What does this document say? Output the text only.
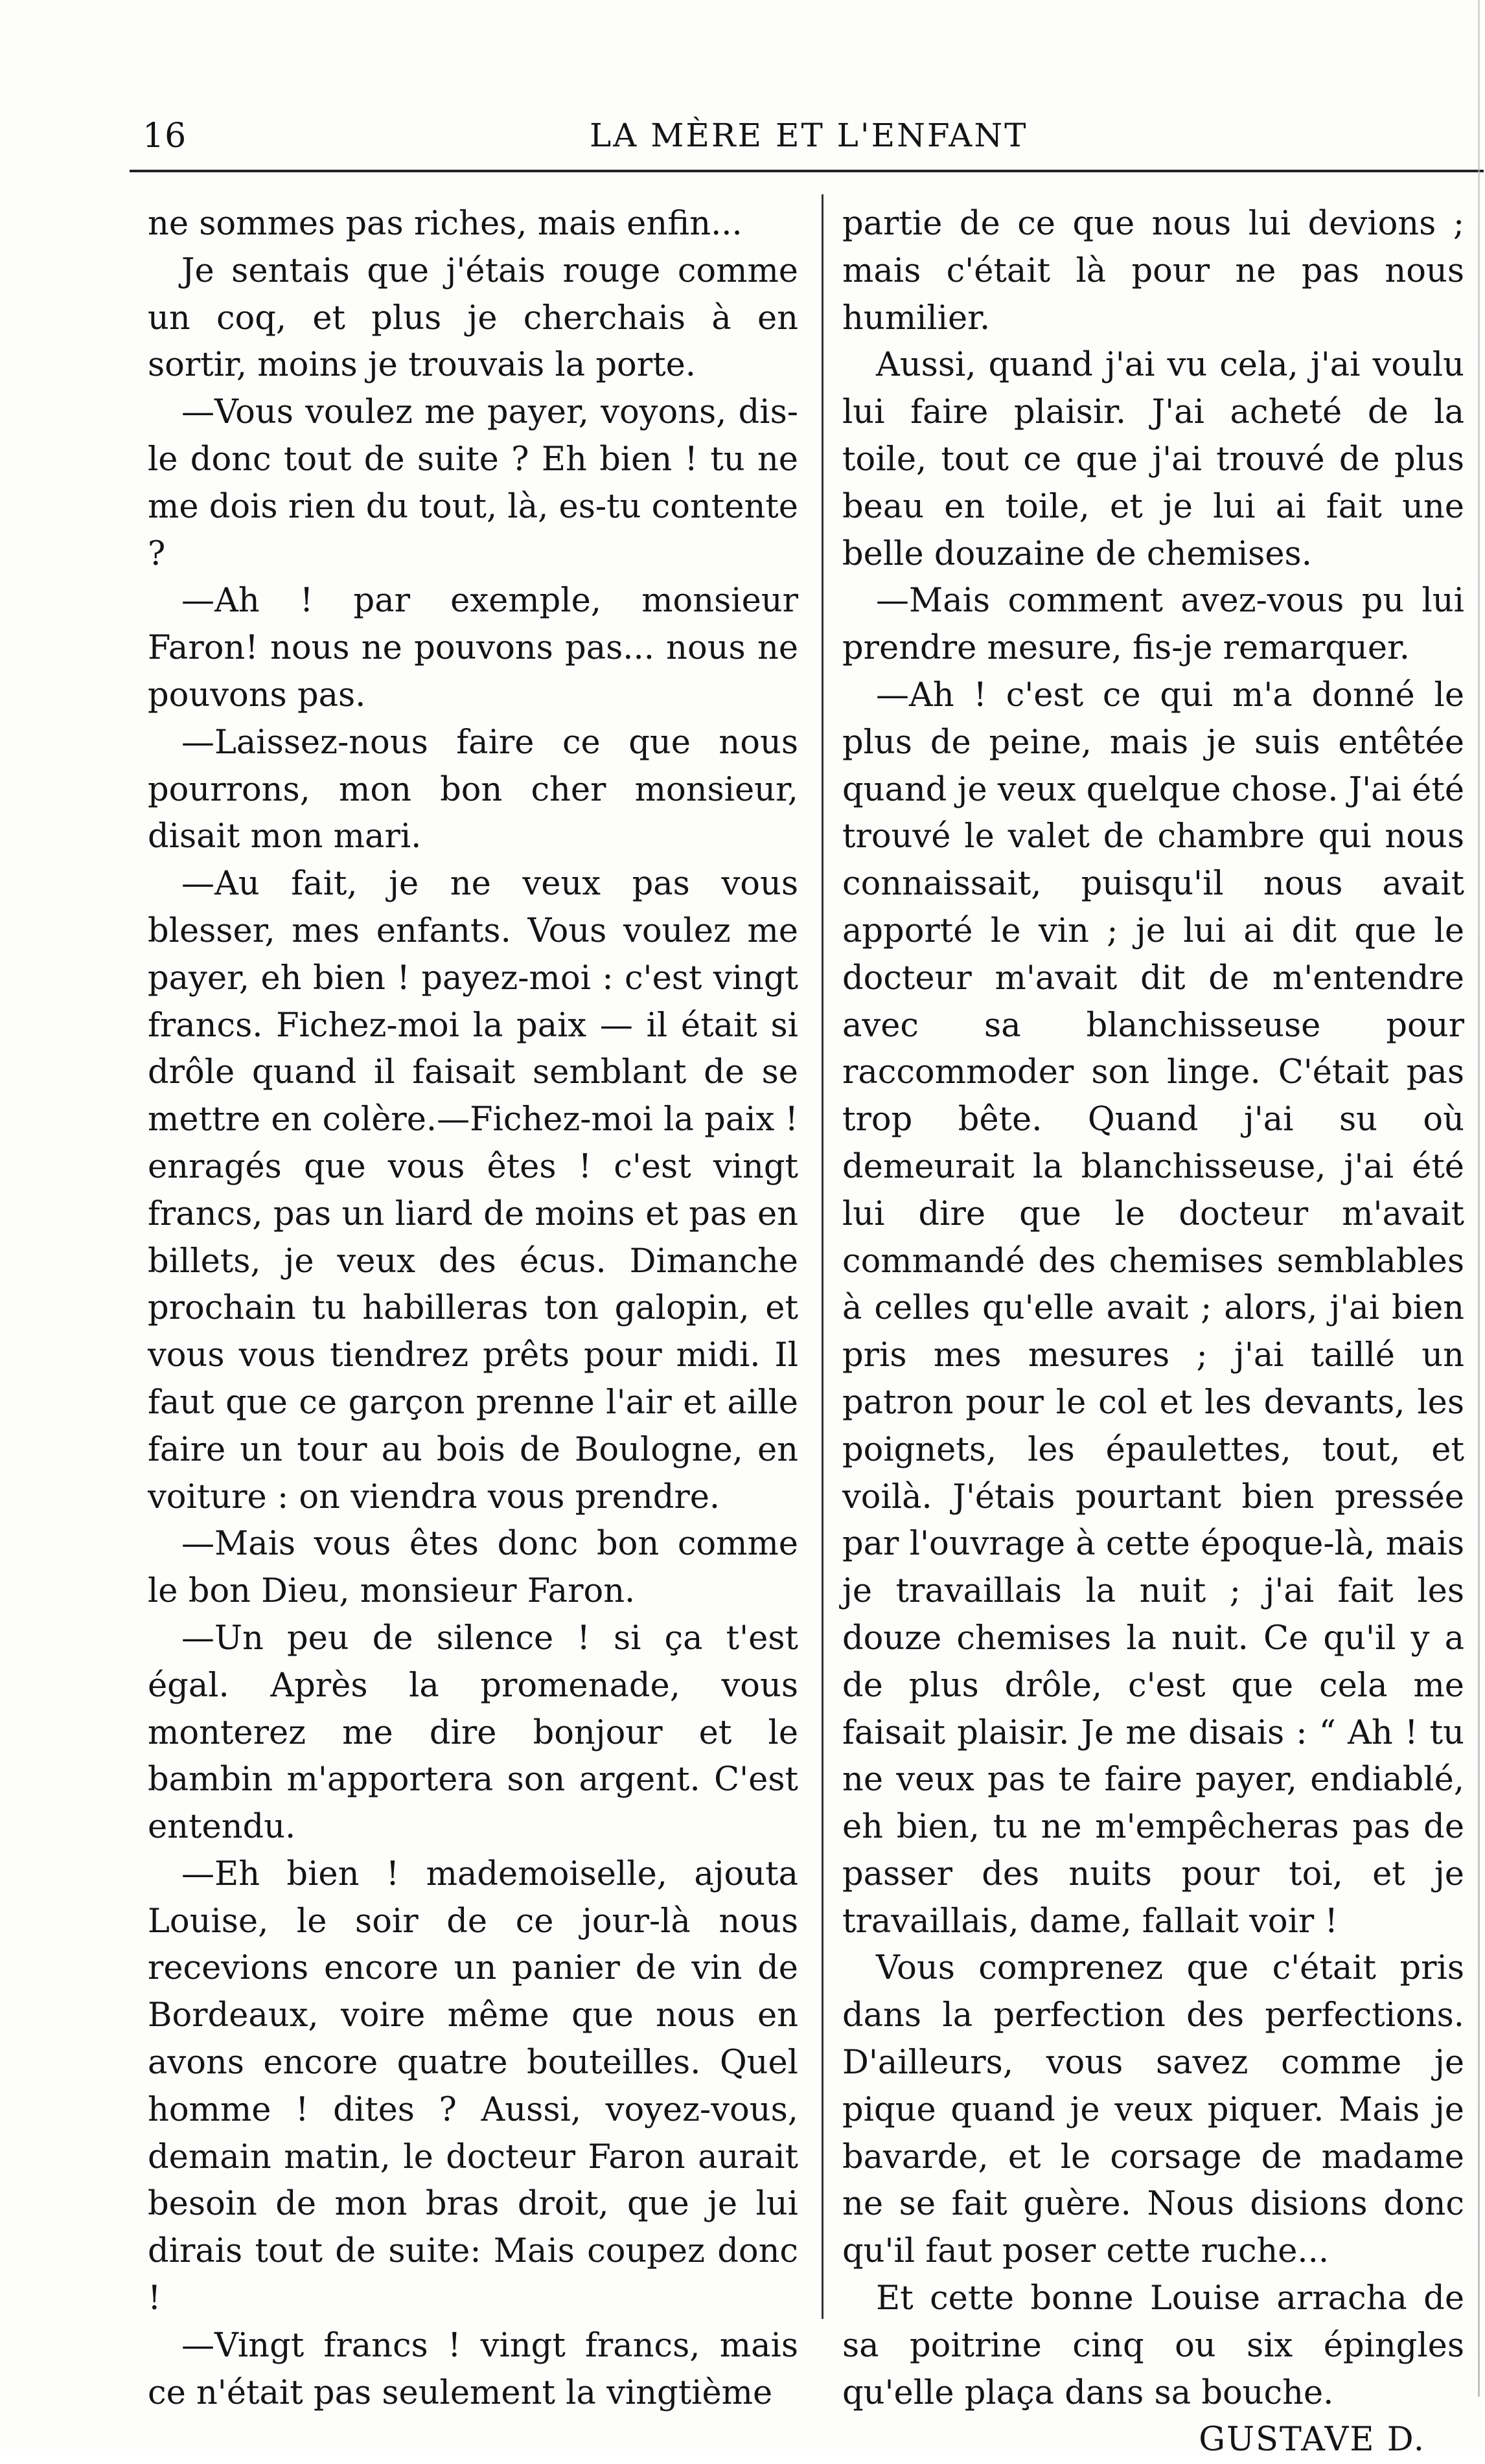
16	LA MÈRE ET L'ENFANT

ne sommes pas riches, mais enfin...

Je sentais que j'étais rouge comme un coq, et plus je cherchais à en sortir, moins je trouvais la porte.

—Vous voulez me payer, voyons, dis-le donc tout de suite ? Eh bien ! tu ne me dois rien du tout, là, es-tu contente ?

—Ah ! par exemple, monsieur Faron! nous ne pouvons pas... nous ne pouvons pas.

—Laissez-nous faire ce que nous pourrons, mon bon cher monsieur, disait mon mari.

—Au fait, je ne veux pas vous blesser, mes enfants. Vous voulez me payer, eh bien ! payez-moi : c'est vingt francs. Fichez-moi la paix — il était si drôle quand il faisait semblant de se mettre en colère.—Fichez-moi la paix ! enragés que vous êtes ! c'est vingt francs, pas un liard de moins et pas en billets, je veux des écus. Dimanche prochain tu habilleras ton galopin, et vous vous tiendrez prêts pour midi. Il faut que ce garçon prenne l'air et aille faire un tour au bois de Boulogne, en voiture : on viendra vous prendre.

—Mais vous êtes donc bon comme le bon Dieu, monsieur Faron.

—Un peu de silence ! si ça t'est égal. Après la promenade, vous monterez me dire bonjour et le bambin m'apportera son argent. C'est entendu.

—Eh bien ! mademoiselle, ajouta Louise, le soir de ce jour-là nous recevions encore un panier de vin de Bordeaux, voire même que nous en avons encore quatre bouteilles. Quel homme ! dites ? Aussi, voyez-vous, demain matin, le docteur Faron aurait besoin de mon bras droit, que je lui dirais tout de suite: Mais coupez donc !

—Vingt francs ! vingt francs, mais ce n'était pas seulement la vingtième

partie de ce que nous lui devions ; mais c'était là pour ne pas nous humilier.

Aussi, quand j'ai vu cela, j'ai voulu lui faire plaisir. J'ai acheté de la toile, tout ce que j'ai trouvé de plus beau en toile, et je lui ai fait une belle douzaine de chemises.

—Mais comment avez-vous pu lui prendre mesure, fis-je remarquer.

—Ah ! c'est ce qui m'a donné le plus de peine, mais je suis entêtée quand je veux quelque chose. J'ai été trouvé le valet de chambre qui nous connaissait, puisqu'il nous avait apporté le vin ; je lui ai dit que le docteur m'avait dit de m'entendre avec sa blanchisseuse pour raccommoder son linge. C'était pas trop bête. Quand j'ai su où demeurait la blanchisseuse, j'ai été lui dire que le docteur m'avait commandé des chemises semblables à celles qu'elle avait ; alors, j'ai bien pris mes mesures ; j'ai taillé un patron pour le col et les devants, les poignets, les épaulettes, tout, et voilà. J'étais pourtant bien pressée par l'ouvrage à cette époque-là, mais je travaillais la nuit ; j'ai fait les douze chemises la nuit. Ce qu'il y a de plus drôle, c'est que cela me faisait plaisir. Je me disais : “ Ah ! tu ne veux pas te faire payer, endiablé, eh bien, tu ne m'empêcheras pas de passer des nuits pour toi, et je travaillais, dame, fallait voir !

Vous comprenez que c'était pris dans la perfection des perfections. D'ailleurs, vous savez comme je pique quand je veux piquer. Mais je bavarde, et le corsage de madame ne se fait guère. Nous disions donc qu'il faut poser cette ruche...

Et cette bonne Louise arracha de sa poitrine cinq ou six épingles qu'elle plaça dans sa bouche.

GUSTAVE D.
